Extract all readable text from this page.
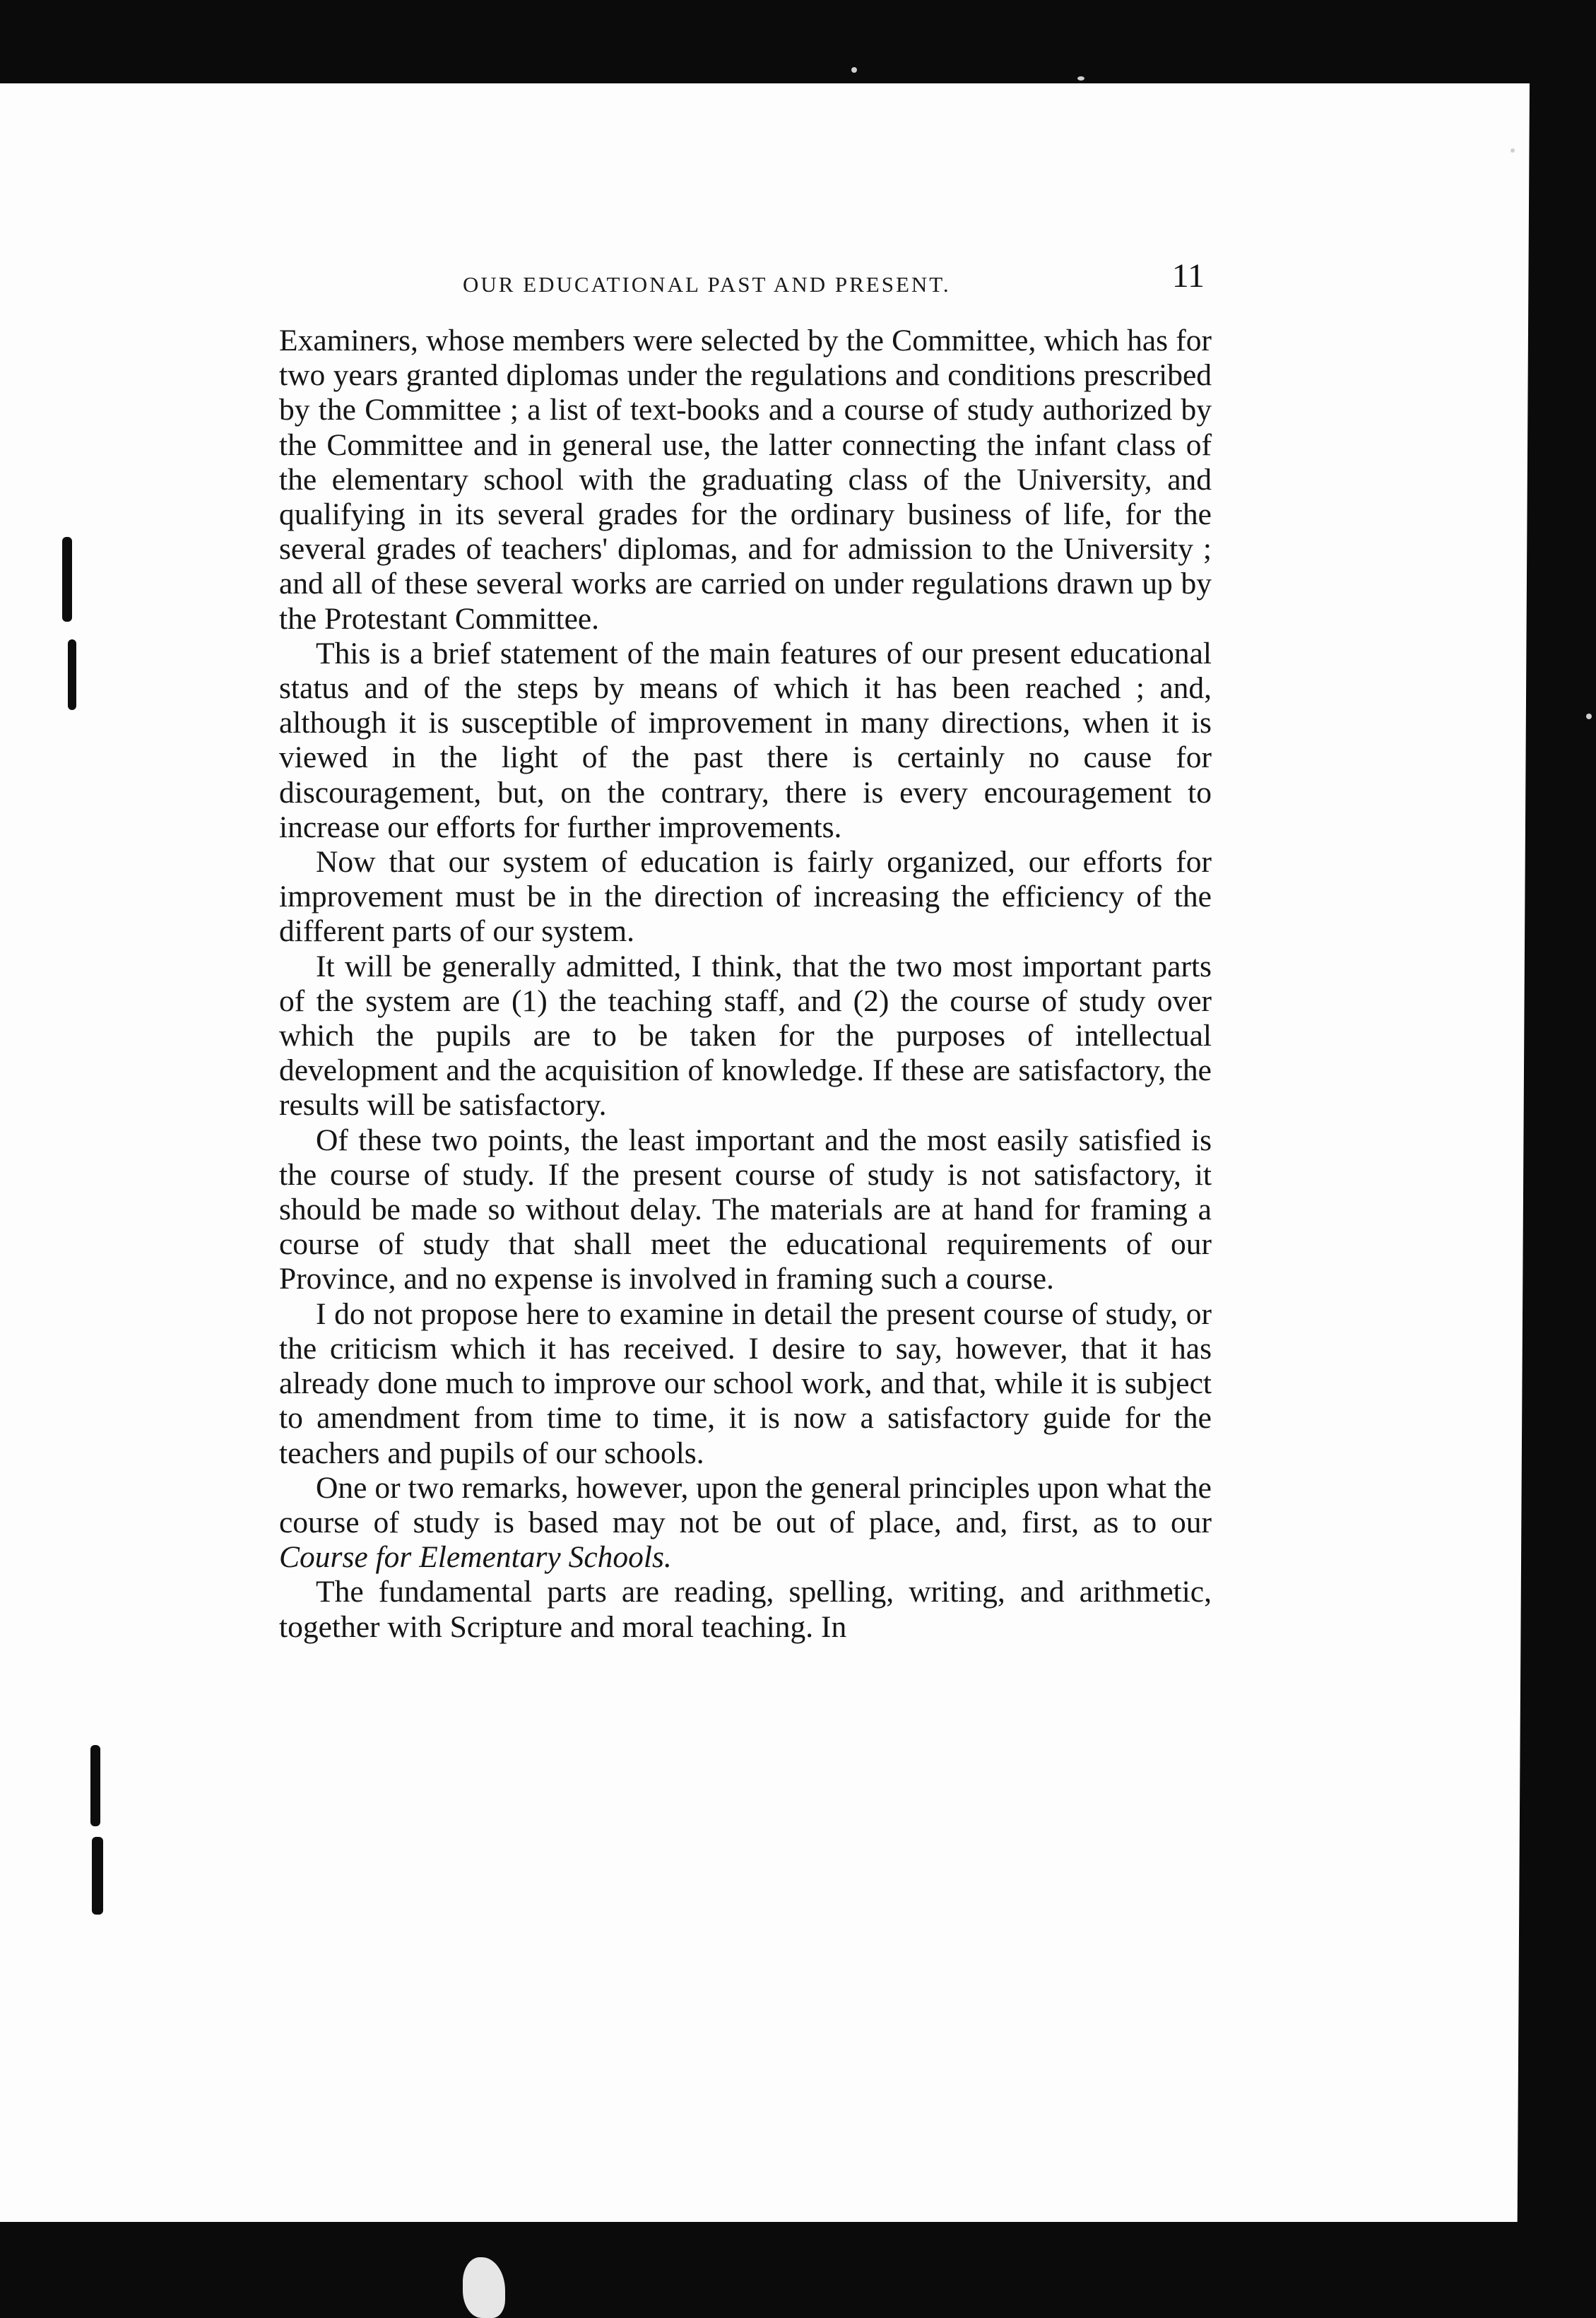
OUR EDUCATIONAL PAST AND PRESENT.	11

Examiners, whose members were selected by the Committee, which has for two years granted diplomas under the regulations and conditions prescribed by the Committee ; a list of text-books and a course of study authorized by the Committee and in general use, the latter connecting the infant class of the elementary school with the graduating class of the University, and qualifying in its several grades for the ordinary business of life, for the several grades of teachers' diplomas, and for admission to the University ; and all of these several works are carried on under regulations drawn up by the Protestant Committee.

This is a brief statement of the main features of our present educational status and of the steps by means of which it has been reached ; and, although it is susceptible of improvement in many directions, when it is viewed in the light of the past there is certainly no cause for discouragement, but, on the contrary, there is every encouragement to increase our efforts for further improvements.

Now that our system of education is fairly organized, our efforts for improvement must be in the direction of increasing the efficiency of the different parts of our system.

It will be generally admitted, I think, that the two most important parts of the system are (1) the teaching staff, and (2) the course of study over which the pupils are to be taken for the purposes of intellectual development and the acquisition of knowledge. If these are satisfactory, the results will be satisfactory.

Of these two points, the least important and the most easily satisfied is the course of study. If the present course of study is not satisfactory, it should be made so without delay. The materials are at hand for framing a course of study that shall meet the educational requirements of our Province, and no expense is involved in framing such a course.

I do not propose here to examine in detail the present course of study, or the criticism which it has received. I desire to say, however, that it has already done much to improve our school work, and that, while it is subject to amendment from time to time, it is now a satisfactory guide for the teachers and pupils of our schools.

One or two remarks, however, upon the general principles upon what the course of study is based may not be out of place, and, first, as to our Course for Elementary Schools.

The fundamental parts are reading, spelling, writing, and arithmetic, together with Scripture and moral teaching. In
